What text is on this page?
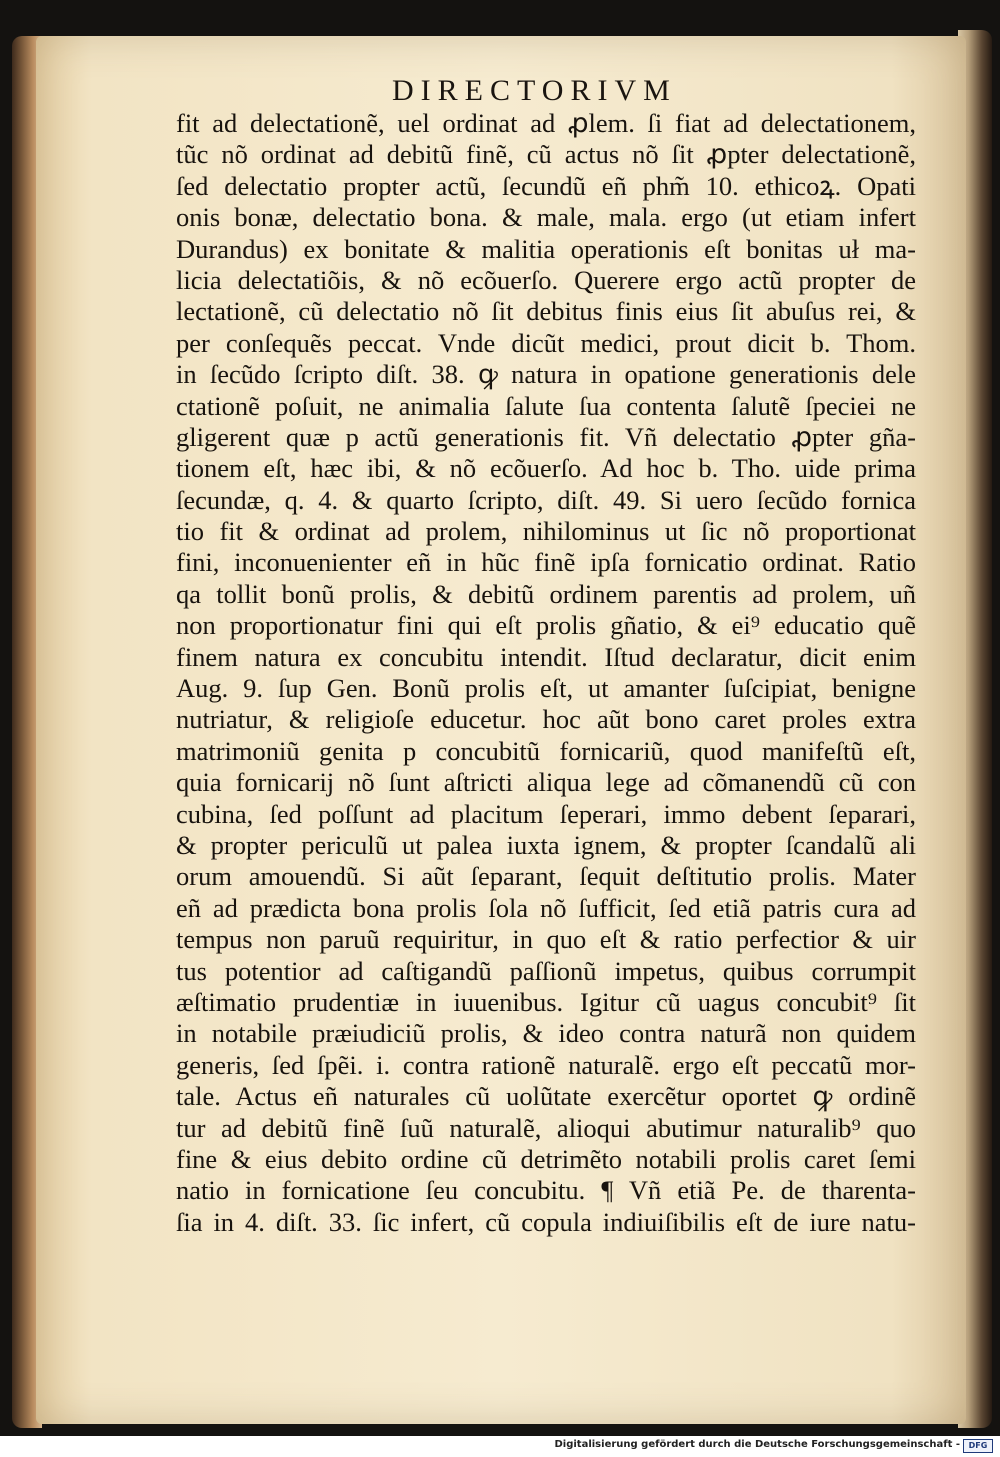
DIRECTORIVM
fit ad delectationẽ, uel ordinat ad ꝓlem. ſi fiat ad delectationem,
tũc nõ ordinat ad debitũ finẽ, cũ actus nõ ſit ꝓpter delectationẽ,
ſed delectatio propter actũ, ſecundũ eñ phm̃ 10. ethicoꝝ. Opati
onis bonæ, delectatio bona. & male, mala. ergo (ut etiam infert
Durandus) ex bonitate & malitia operationis eſt bonitas uł ma-
licia delectatiõis, & nõ ecõuerſo. Querere ergo actũ propter de
lectationẽ, cũ delectatio nõ ſit debitus finis eius ſit abuſus rei, &
per conſequẽs peccat. Vnde dicũt medici, prout dicit b. Thom.
in ſecũdo ſcripto diſt. 38. ꝙ natura in opatione generationis dele
ctationẽ poſuit, ne animalia ſalute ſua contenta ſalutẽ ſpeciei ne
gligerent quæ p actũ generationis fit. Vñ delectatio ꝓpter gña-
tionem eſt, hæc ibi, & nõ ecõuerſo. Ad hoc b. Tho. uide prima
ſecundæ, q. 4. & quarto ſcripto, diſt. 49. Si uero ſecũdo fornica
tio fit & ordinat ad prolem, nihilominus ut ſic nõ proportionat
fini, inconuenienter eñ in hũc finẽ ipſa fornicatio ordinat. Ratio
qa tollit bonũ prolis, & debitũ ordinem parentis ad prolem, uñ
non proportionatur fini qui eſt prolis gñatio, & ei⁹ educatio quẽ
finem natura ex concubitu intendit. Iſtud declaratur, dicit enim
Aug. 9. ſup Gen. Bonũ prolis eſt, ut amanter ſuſcipiat, benigne
nutriatur, & religioſe educetur. hoc aũt bono caret proles extra
matrimoniũ genita p concubitũ fornicariũ, quod manifeſtũ eſt,
quia fornicarij nõ ſunt aſtricti aliqua lege ad cõmanendũ cũ con
cubina, ſed poſſunt ad placitum ſeperari, immo debent ſeparari,
& propter periculũ ut palea iuxta ignem, & propter ſcandalũ ali
orum amouendũ. Si aũt ſeparant, ſequit deſtitutio prolis. Mater
eñ ad prædicta bona prolis ſola nõ ſufficit, ſed etiã patris cura ad
tempus non paruũ requiritur, in quo eſt & ratio perfectior & uir
tus potentior ad caſtigandũ paſſionũ impetus, quibus corrumpit
æſtimatio prudentiæ in iuuenibus. Igitur cũ uagus concubit⁹ ſit
in notabile præiudiciũ prolis, & ideo contra naturã non quidem
generis, ſed ſpẽi. i. contra rationẽ naturalẽ. ergo eſt peccatũ mor-
tale. Actus eñ naturales cũ uolũtate exercẽtur oportet ꝙ ordinẽ
tur ad debitũ finẽ ſuũ naturalẽ, alioqui abutimur naturalib⁹ quo
fine & eius debito ordine cũ detrimẽto notabili prolis caret ſemi
natio in fornicatione ſeu concubitu. ¶ Vñ etiã Pe. de tharenta-
ſia in 4. diſt. 33. ſic infert, cũ copula indiuiſibilis eſt de iure natu-
Digitalisierung gefördert durch die Deutsche Forschungsgemeinschaft -	DFG
